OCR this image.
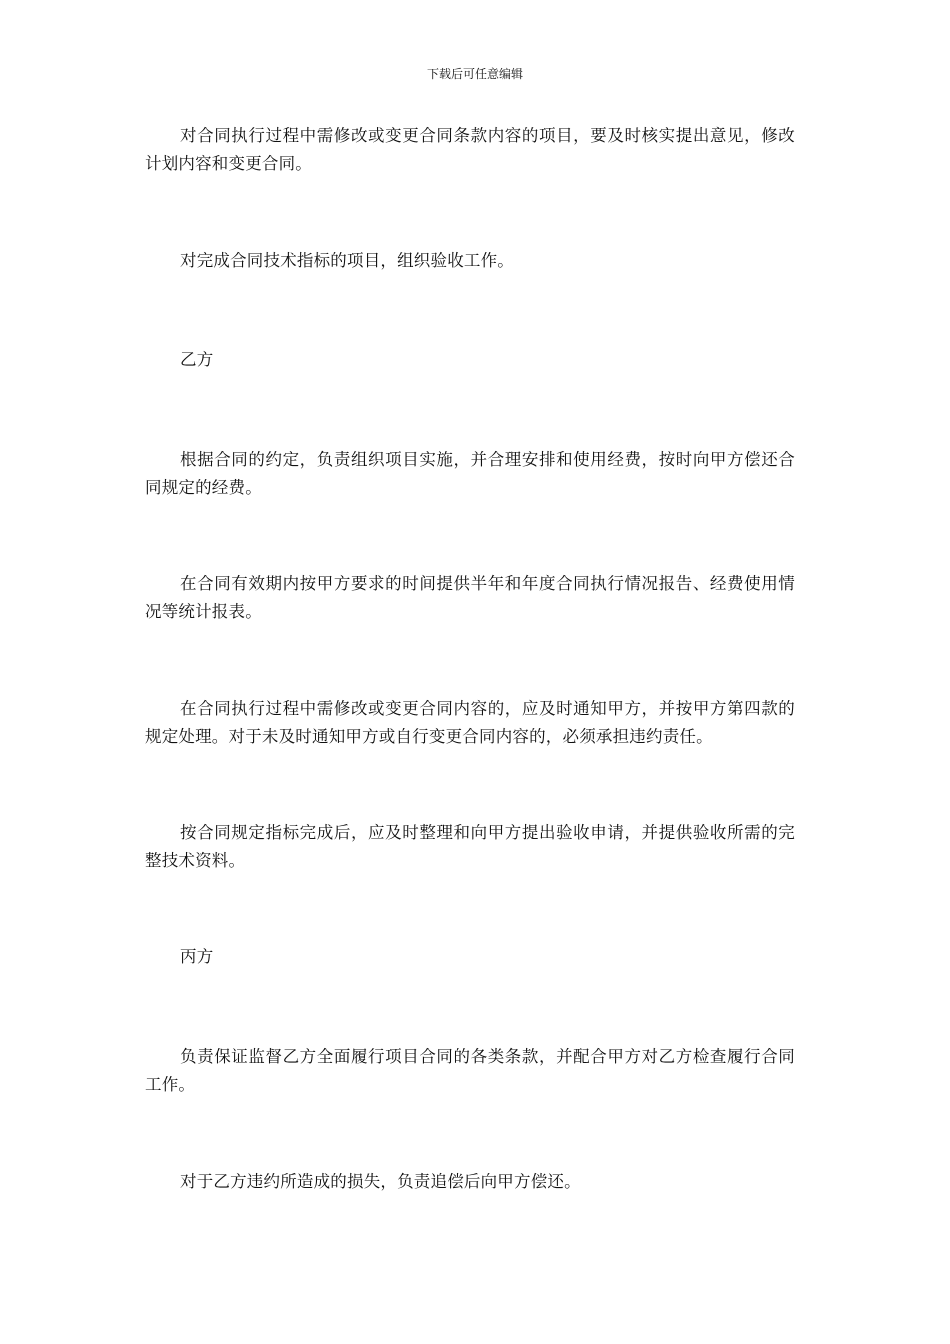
下载后可任意编辑

对合同执行过程中需修改或变更合同条款内容的项目，要及时核实提出意见，修改计划内容和变更合同。

对完成合同技术指标的项目，组织验收工作。

乙方

根据合同的约定，负责组织项目实施，并合理安排和使用经费，按时向甲方偿还合同规定的经费。

在合同有效期内按甲方要求的时间提供半年和年度合同执行情况报告、经费使用情况等统计报表。

在合同执行过程中需修改或变更合同内容的，应及时通知甲方，并按甲方第四款的规定处理。对于未及时通知甲方或自行变更合同内容的，必须承担违约责任。

按合同规定指标完成后，应及时整理和向甲方提出验收申请，并提供验收所需的完整技术资料。

丙方

负责保证监督乙方全面履行项目合同的各类条款，并配合甲方对乙方检查履行合同工作。

对于乙方违约所造成的损失，负责追偿后向甲方偿还。
